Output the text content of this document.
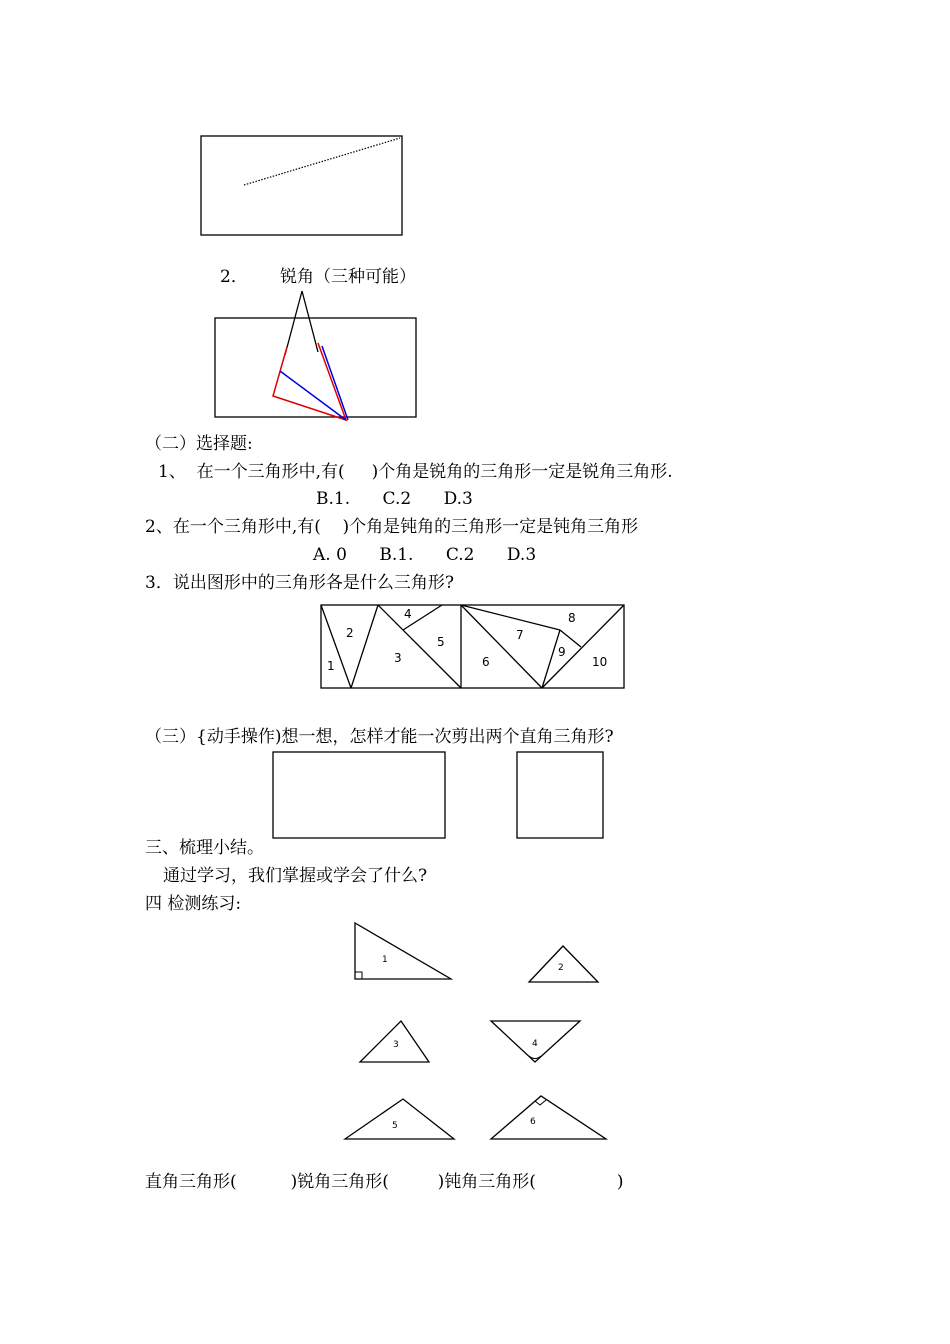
2． 锐角（三种可能）
（二）选择题:
1、  在一个三角形中,有(     )个角是锐角的三角形一定是锐角三角形.
B.1.      C.2      D.3
2、在一个三角形中,有(    )个角是钝角的三角形一定是钝角三角形
A. 0      B.1.      C.2      D.3
3．说出图形中的三角形各是什么三角形?
1
2
3
4
5
6
7
8
9
10
（三）{动手操作)想一想，怎样才能一次剪出两个直角三角形?
三、梳理小结。
通过学习，我们掌握或学会了什么?
四 检测练习:
1
2
3	4
5	6
直角三角形(          )锐角三角形(         )钝角三角形(               )
